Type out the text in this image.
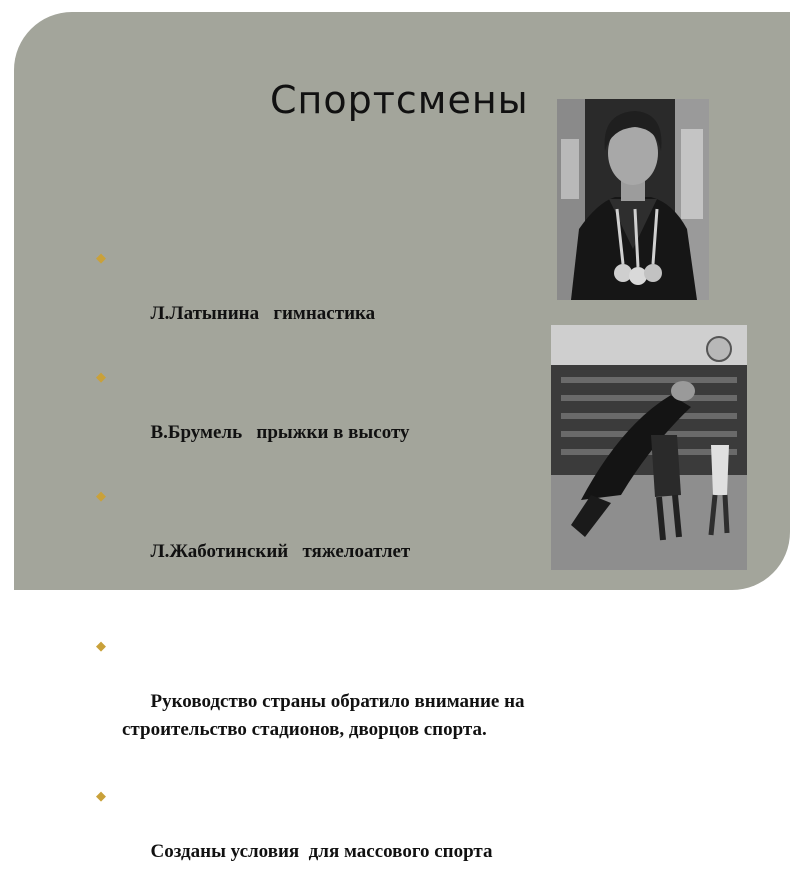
Спортсмены

◆

Л.Латынина   гимнастика

◆

В.Брумель   прыжки в высоту

◆

Л.Жаботинский   тяжелоатлет

◆

Руководство страны обратило внимание на строительство стадионов, дворцов спорта.

◆

Созданы условия  для массового спорта
